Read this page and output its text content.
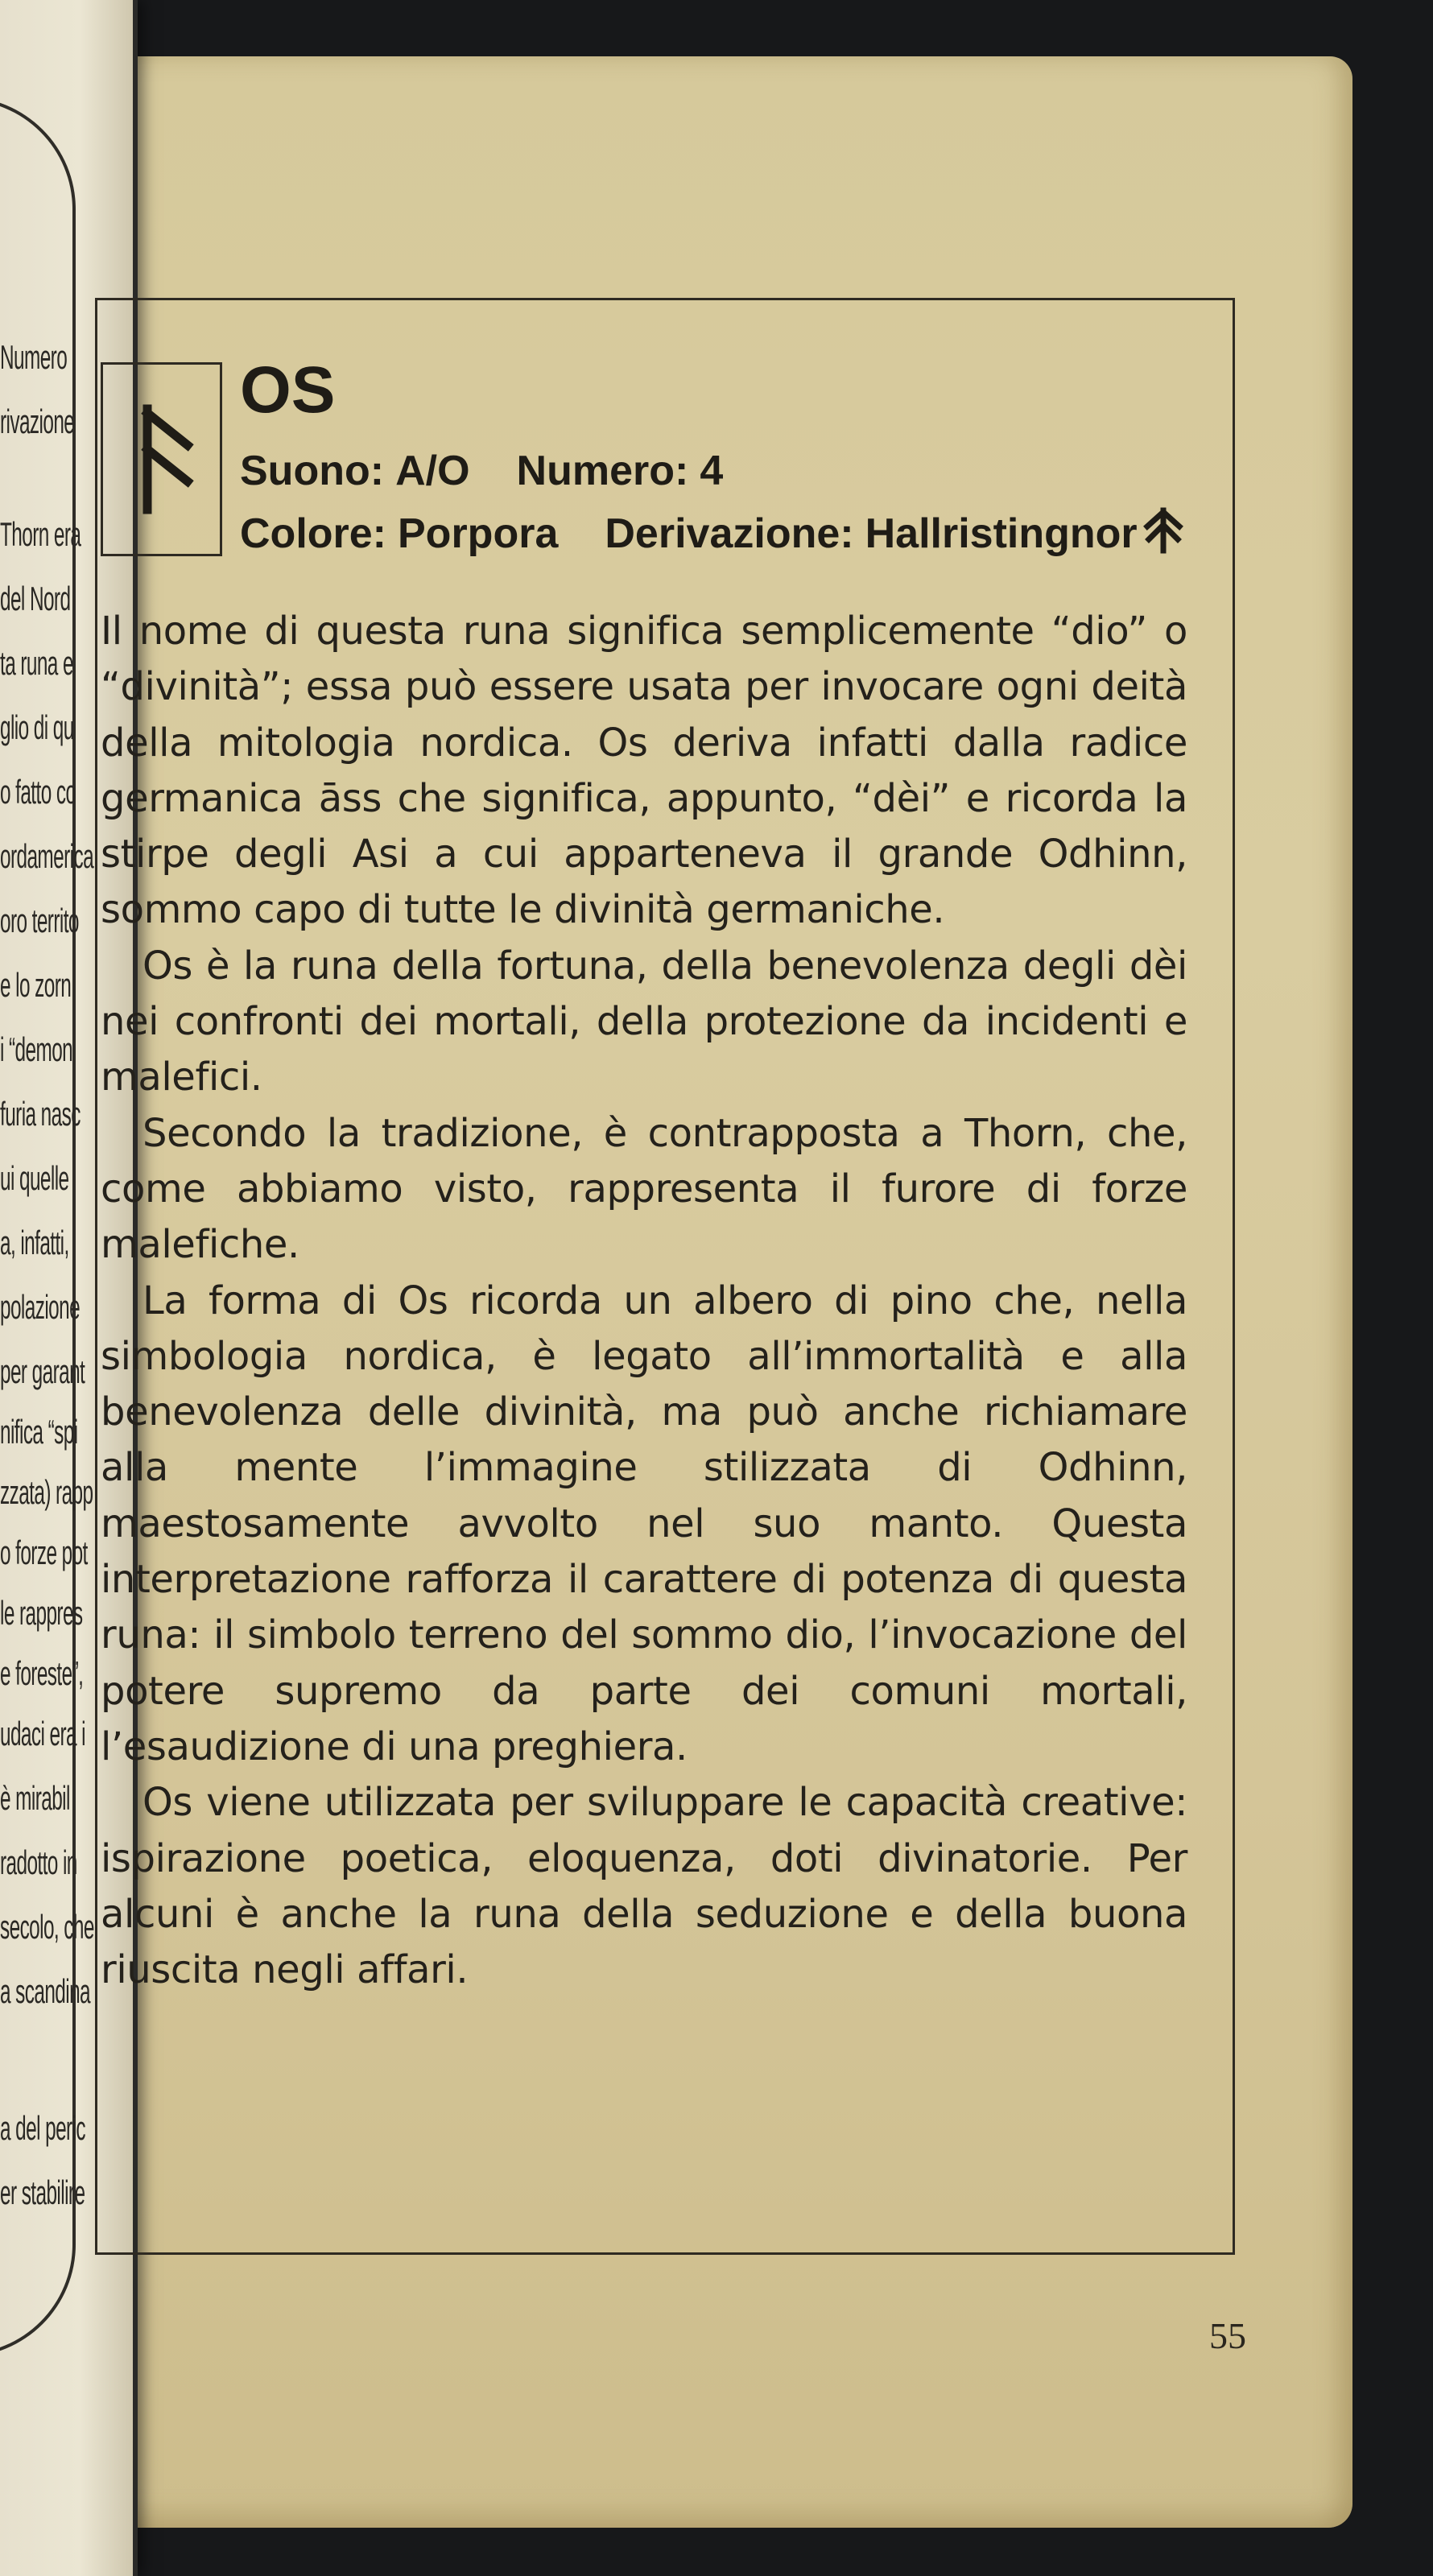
Numero
rivazione
Thorn era
del Nord
ta runa e
glio di qu
o fatto co
ordamerica
oro territo
e lo zorn
i “demon
furia nasc
ui quelle
a, infatti,
polazione
per garant
nifica “spi
zzata) rapp
o forze pot
le rappres
e foreste”,
udaci era i
è mirabil
radotto in
secolo, che
a scandina
a del peric
er stabilire
OS
Suono: A/O Numero: 4
Colore: Porpora Derivazione: Hallristingnor

Il nome di questa runa significa semplicemente “dio” o “divinità”; essa può essere usata per invocare ogni deità della mitologia nordica. Os deriva infatti dalla radice germanica āss che significa, appunto, “dèi” e ricorda la stirpe degli Asi a cui apparteneva il grande Odhinn, sommo capo di tutte le divinità germaniche.

Os è la runa della fortuna, della benevolenza degli dèi nei confronti dei mortali, della protezione da incidenti e malefici.

Secondo la tradizione, è contrapposta a Thorn, che, come abbiamo visto, rappresenta il furore di forze malefiche.

La forma di Os ricorda un albero di pino che, nella simbologia nordica, è legato all’immortalità e alla benevolenza delle divinità, ma può anche richiamare alla mente l’immagine stilizzata di Odhinn, maestosamente avvolto nel suo manto. Questa interpretazione rafforza il carattere di potenza di questa runa: il simbolo terreno del sommo dio, l’invocazione del potere supremo da parte dei comuni mortali, l’esaudizione di una preghiera.

Os viene utilizzata per sviluppare le capacità creative: ispirazione poetica, eloquenza, doti divinatorie. Per alcuni è anche la runa della seduzione e della buona riuscita negli affari.

55
